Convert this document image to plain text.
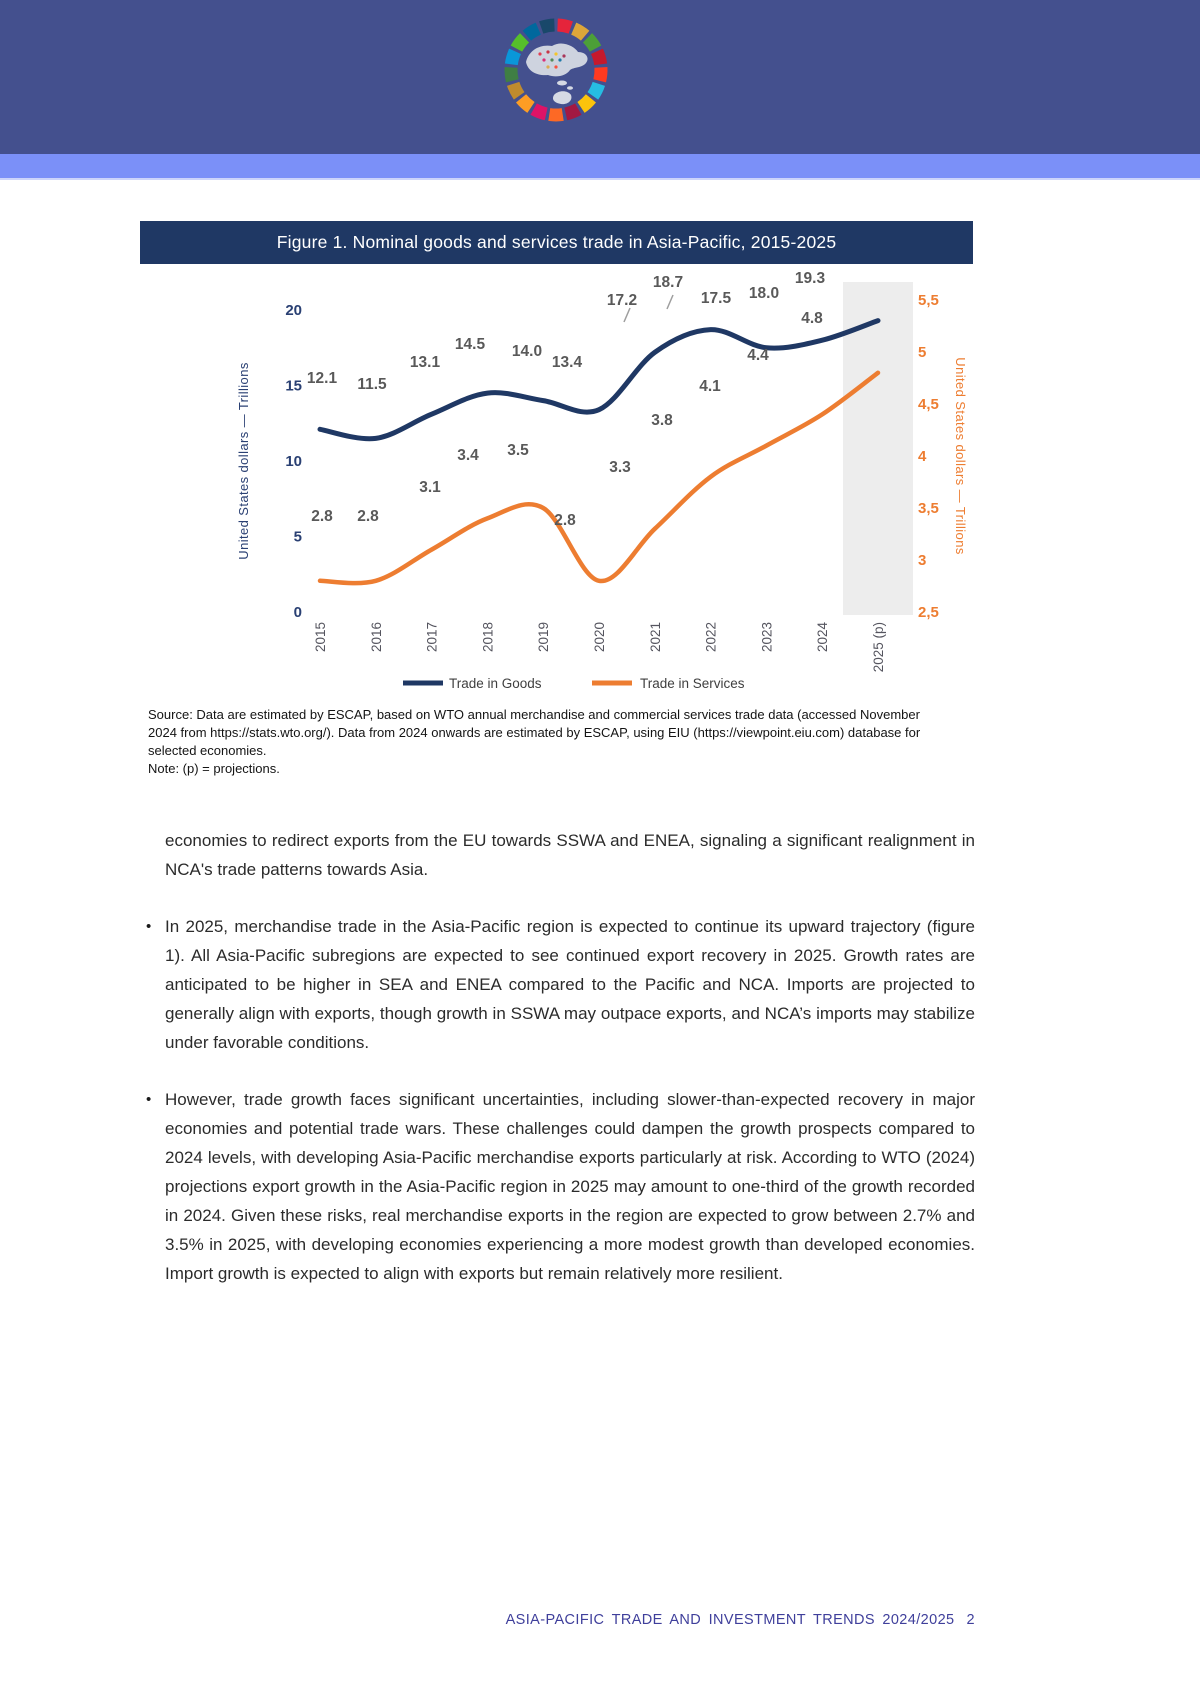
Figure 1. Nominal goods and services trade in Asia-Pacific, 2015-2025
0
5
10
15
20
2,5
3
3,5
4
4,5
5
5,5
2015	2016	2017	2018	2019	2020	2021	2022	2023	2024	2025 (p)
United States dollars — Trillions	United States dollars — Trillions
12.1 11.5
13.1
14.5 14.0
13.4
17.2
18.7
17.5 18.0
19.3
2.8 2.8
3.1
3.4 3.5
2.8
3.3
3.8
4.1
4.4
4.8
Trade in Goods	Trade in Services

Source: Data are estimated by ESCAP, based on WTO annual merchandise and commercial services trade data (accessed November 2024 from https://stats.wto.org/). Data from 2024 onwards are estimated by ESCAP, using EIU (https://viewpoint.eiu.com) database for selected economies.

Note: (p) = projections.

economies to redirect exports from the EU towards SSWA and ENEA, signaling a significant realignment in NCA's trade patterns towards Asia.

• In 2025, merchandise trade in the Asia-Pacific region is expected to continue its upward trajectory (figure 1). All Asia-Pacific subregions are expected to see continued export recovery in 2025. Growth rates are anticipated to be higher in SEA and ENEA compared to the Pacific and NCA. Imports are projected to generally align with exports, though growth in SSWA may outpace exports, and NCA’s imports may stabilize under favorable conditions.

• However, trade growth faces significant uncertainties, including slower-than-expected recovery in major economies and potential trade wars. These challenges could dampen the growth prospects compared to 2024 levels, with developing Asia-Pacific merchandise exports particularly at risk. According to WTO (2024) projections export growth in the Asia-Pacific region in 2025 may amount to one-third of the growth recorded in 2024. Given these risks, real merchandise exports in the region are expected to grow between 2.7% and 3.5% in 2025, with developing economies experiencing a more modest growth than developed economies. Import growth is expected to align with exports but remain relatively more resilient.

ASIA-PACIFIC TRADE AND INVESTMENT TRENDS 2024/2025 2
